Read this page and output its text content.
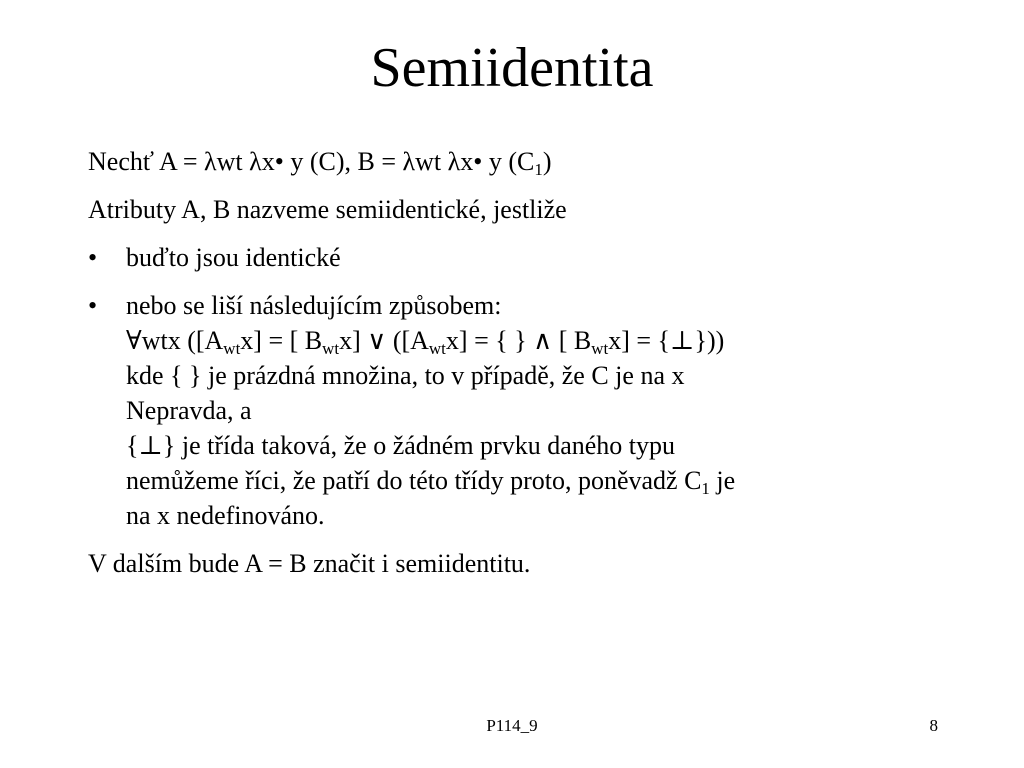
Semiidentita
Nechť A = λwt λx• y (C), B = λwt λx• y $(C_1)$
Atributy A, B nazveme semiidentické, jestliže
• buďto jsou identické
• nebo se liší následujícím způsobem:
∀wtx ($[A_{wt}x]$ = [ $B_{wt}x$] ∨ ($[A_{wt}x]$ = { } ∧ [ $B_{wt}x$] = {⊥}))
kde { } je prázdná množina, to v případě, že C je na x
Nepravda, a
{⊥} je třída taková, že o žádném prvku daného typu
nemůžeme říci, že patří do této třídy proto, poněvadž $C_1$ je
na x nedefinováno.
V dalším bude A = B značit i semiidentitu.
P114_9	8
